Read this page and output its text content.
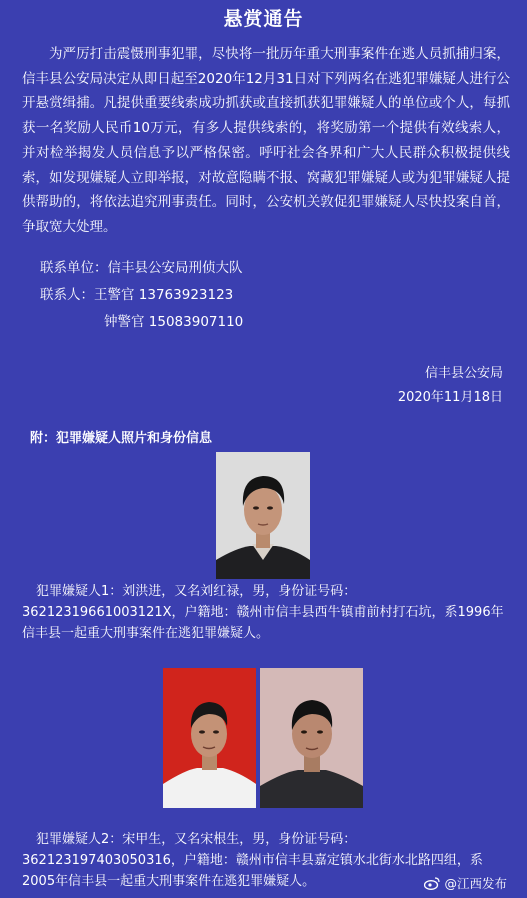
悬赏通告

为严厉打击震慑刑事犯罪，尽快将一批历年重大刑事案件在逃人员抓捕归案，信丰县公安局决定从即日起至2020年12月31日对下列两名在逃犯罪嫌疑人进行公开悬赏缉捕。凡提供重要线索成功抓获或直接抓获犯罪嫌疑人的单位或个人，每抓获一名奖励人民币10万元，有多人提供线索的，将奖励第一个提供有效线索人，并对检举揭发人员信息予以严格保密。呼吁社会各界和广大人民群众积极提供线索，如发现嫌疑人立即举报，对故意隐瞒不报、窝藏犯罪嫌疑人或为犯罪嫌疑人提供帮助的，将依法追究刑事责任。同时，公安机关敦促犯罪嫌疑人尽快投案自首，争取宽大处理。

联系单位：信丰县公安局刑侦大队
联系人：王警官 13763923123
钟警官 15083907110
信丰县公安局
2020年11月18日
附：犯罪嫌疑人照片和身份信息

犯罪嫌疑人1：刘洪进，又名刘红禄，男，身份证号码：36212319661003121X，户籍地：赣州市信丰县西牛镇甫前村打石坑，系1996年信丰县一起重大刑事案件在逃犯罪嫌疑人。

犯罪嫌疑人2：宋甲生，又名宋根生，男，身份证号码：362123197403050316，户籍地：赣州市信丰县嘉定镇水北街水北路四组，系2005年信丰县一起重大刑事案件在逃犯罪嫌疑人。	@江西发布
